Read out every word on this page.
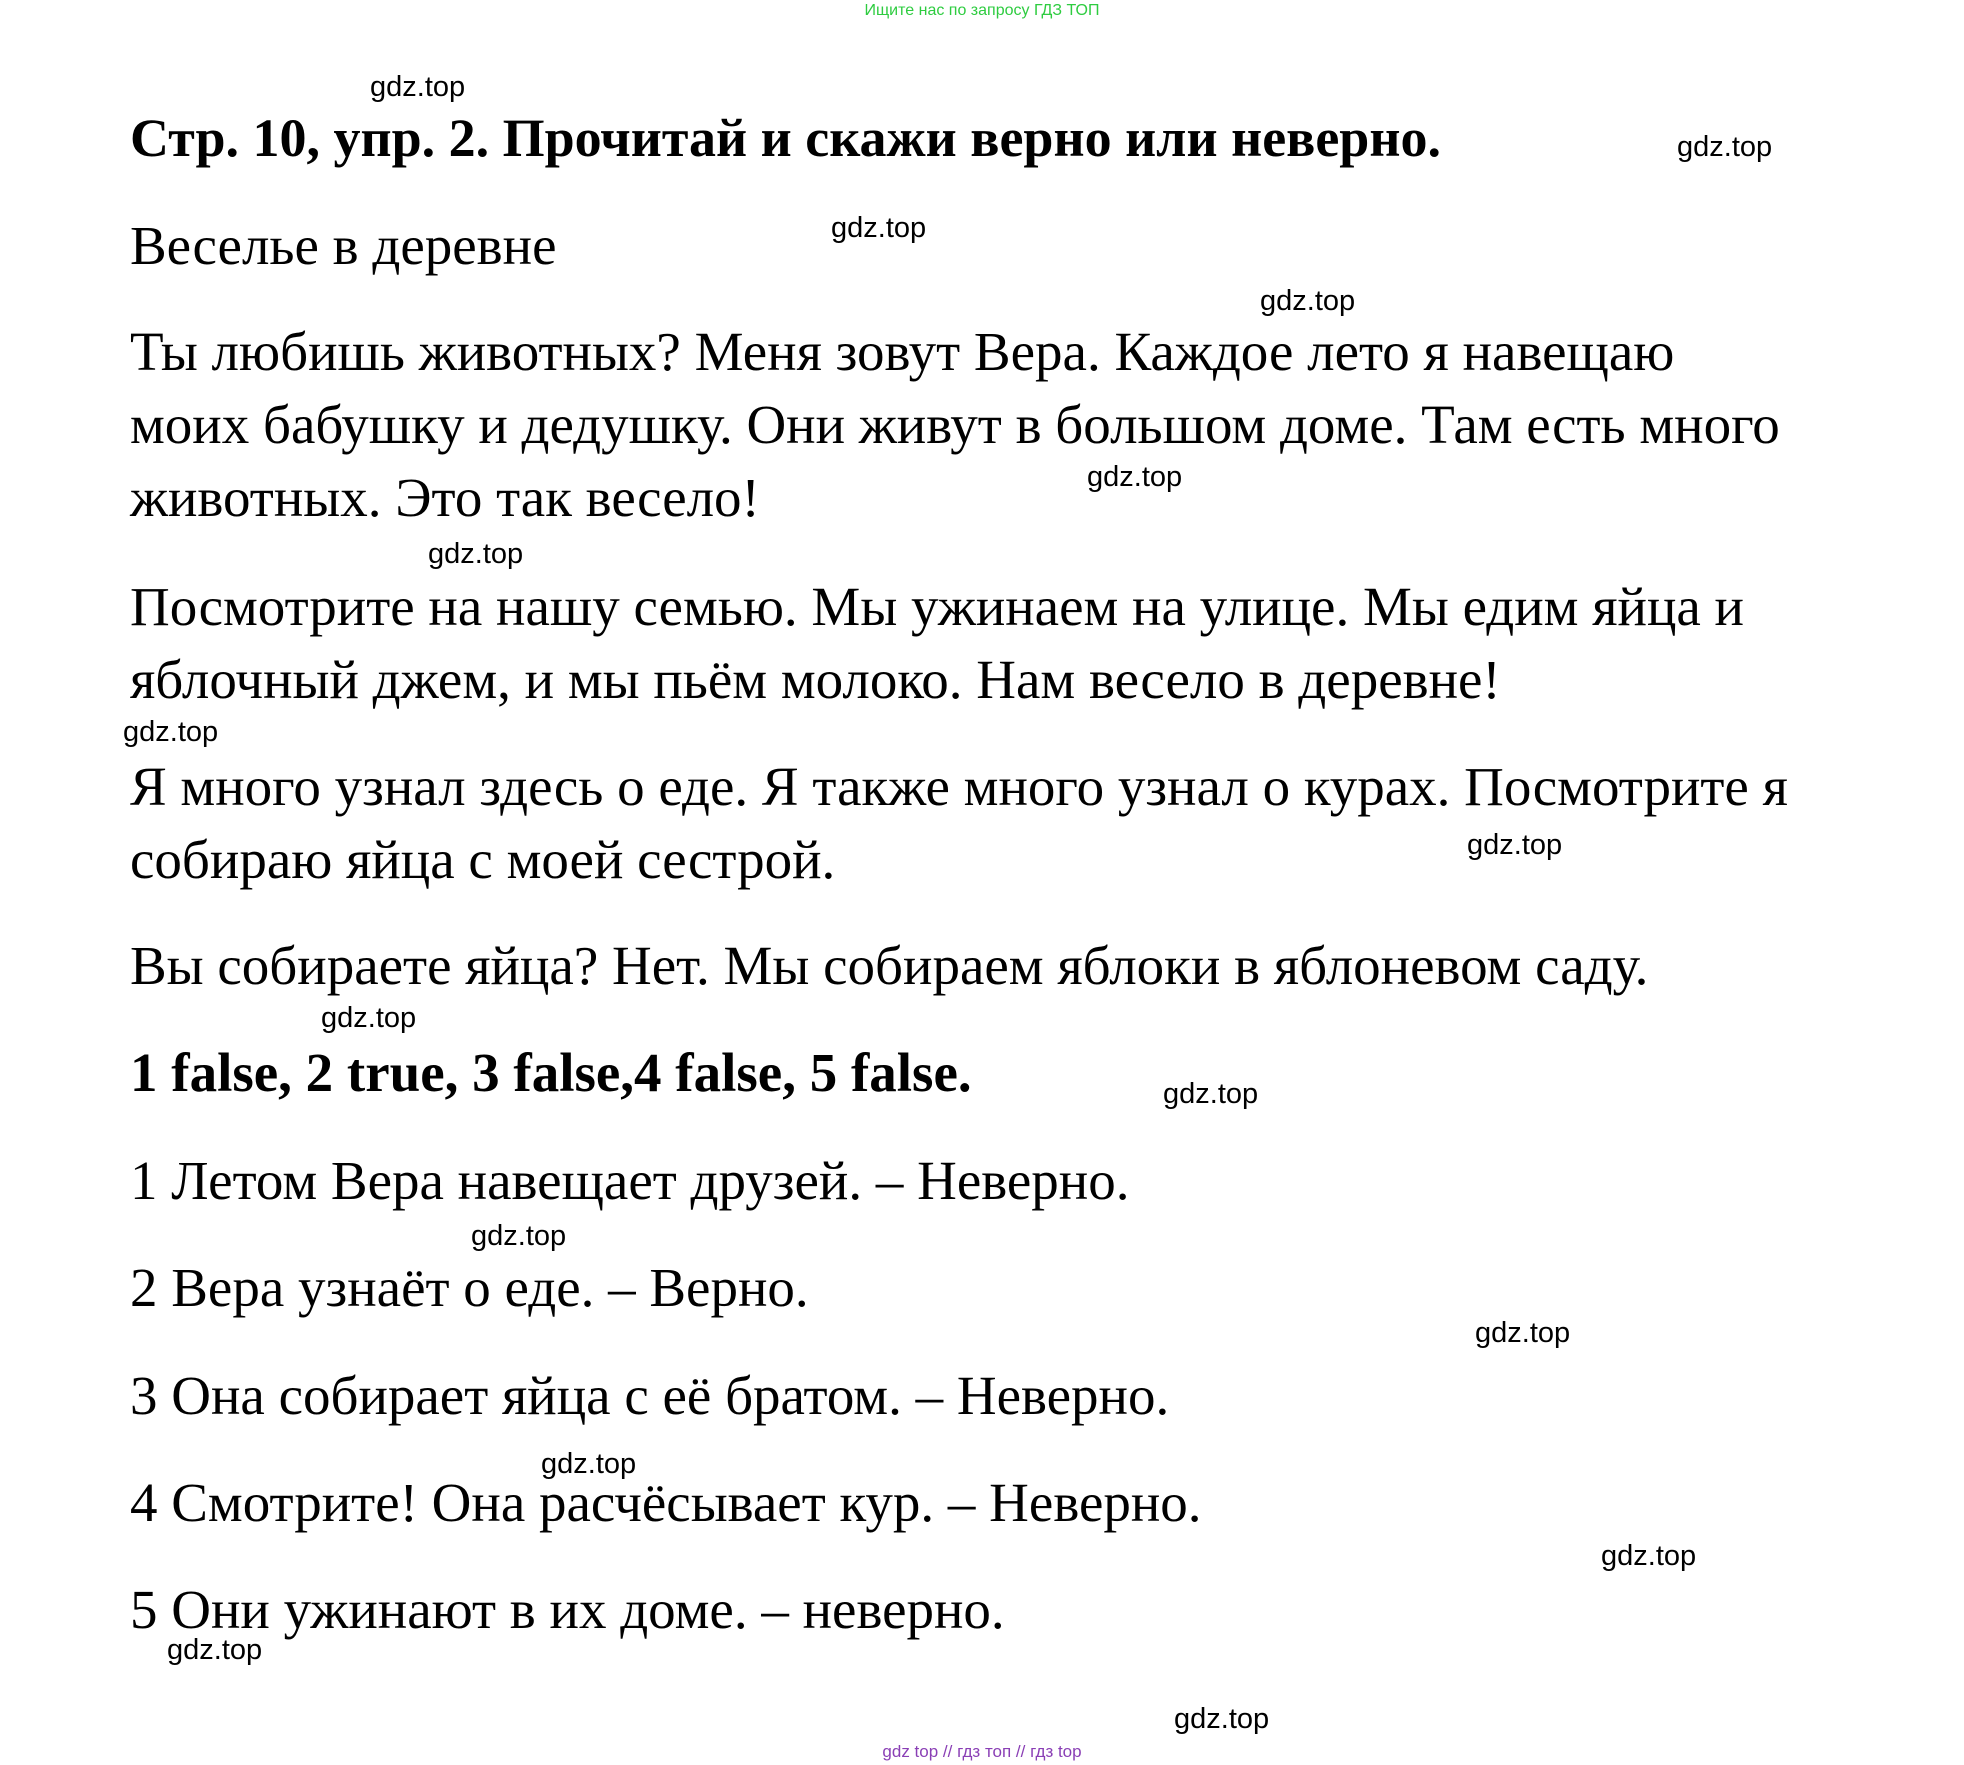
Ищите нас по запросу ГДЗ ТОП
Стр. 10, упр. 2. Прочитай и скажи верно или неверно.
Веселье в деревне
Ты любишь животных? Меня зовут Вера. Каждое лето я навещаю
моих бабушку и дедушку. Они живут в большом доме. Там есть много
животных. Это так весело!
Посмотрите на нашу семью. Мы ужинаем на улице. Мы едим яйца и
яблочный джем, и мы пьём молоко. Нам весело в деревне!
Я много узнал здесь о еде. Я также много узнал о курах. Посмотрите я
собираю яйца с моей сестрой.
Вы собираете яйца? Нет. Мы собираем яблоки в яблоневом саду.
1 false, 2 true, 3 false,4 false, 5 false.
1 Летом Вера навещает друзей. – Неверно.
2 Вера узнаёт о еде. – Верно.
3 Она собирает яйца с её братом. – Неверно.
4 Смотрите! Она расчёсывает кур. – Неверно.
5 Они ужинают в их доме. – неверно.
gdz.top
gdz.top
gdz.top
gdz.top
gdz.top
gdz.top
gdz.top
gdz.top
gdz.top
gdz.top
gdz.top
gdz.top
gdz.top
gdz.top
gdz.top
gdz.top
gdz top // гдз топ // гдз top
